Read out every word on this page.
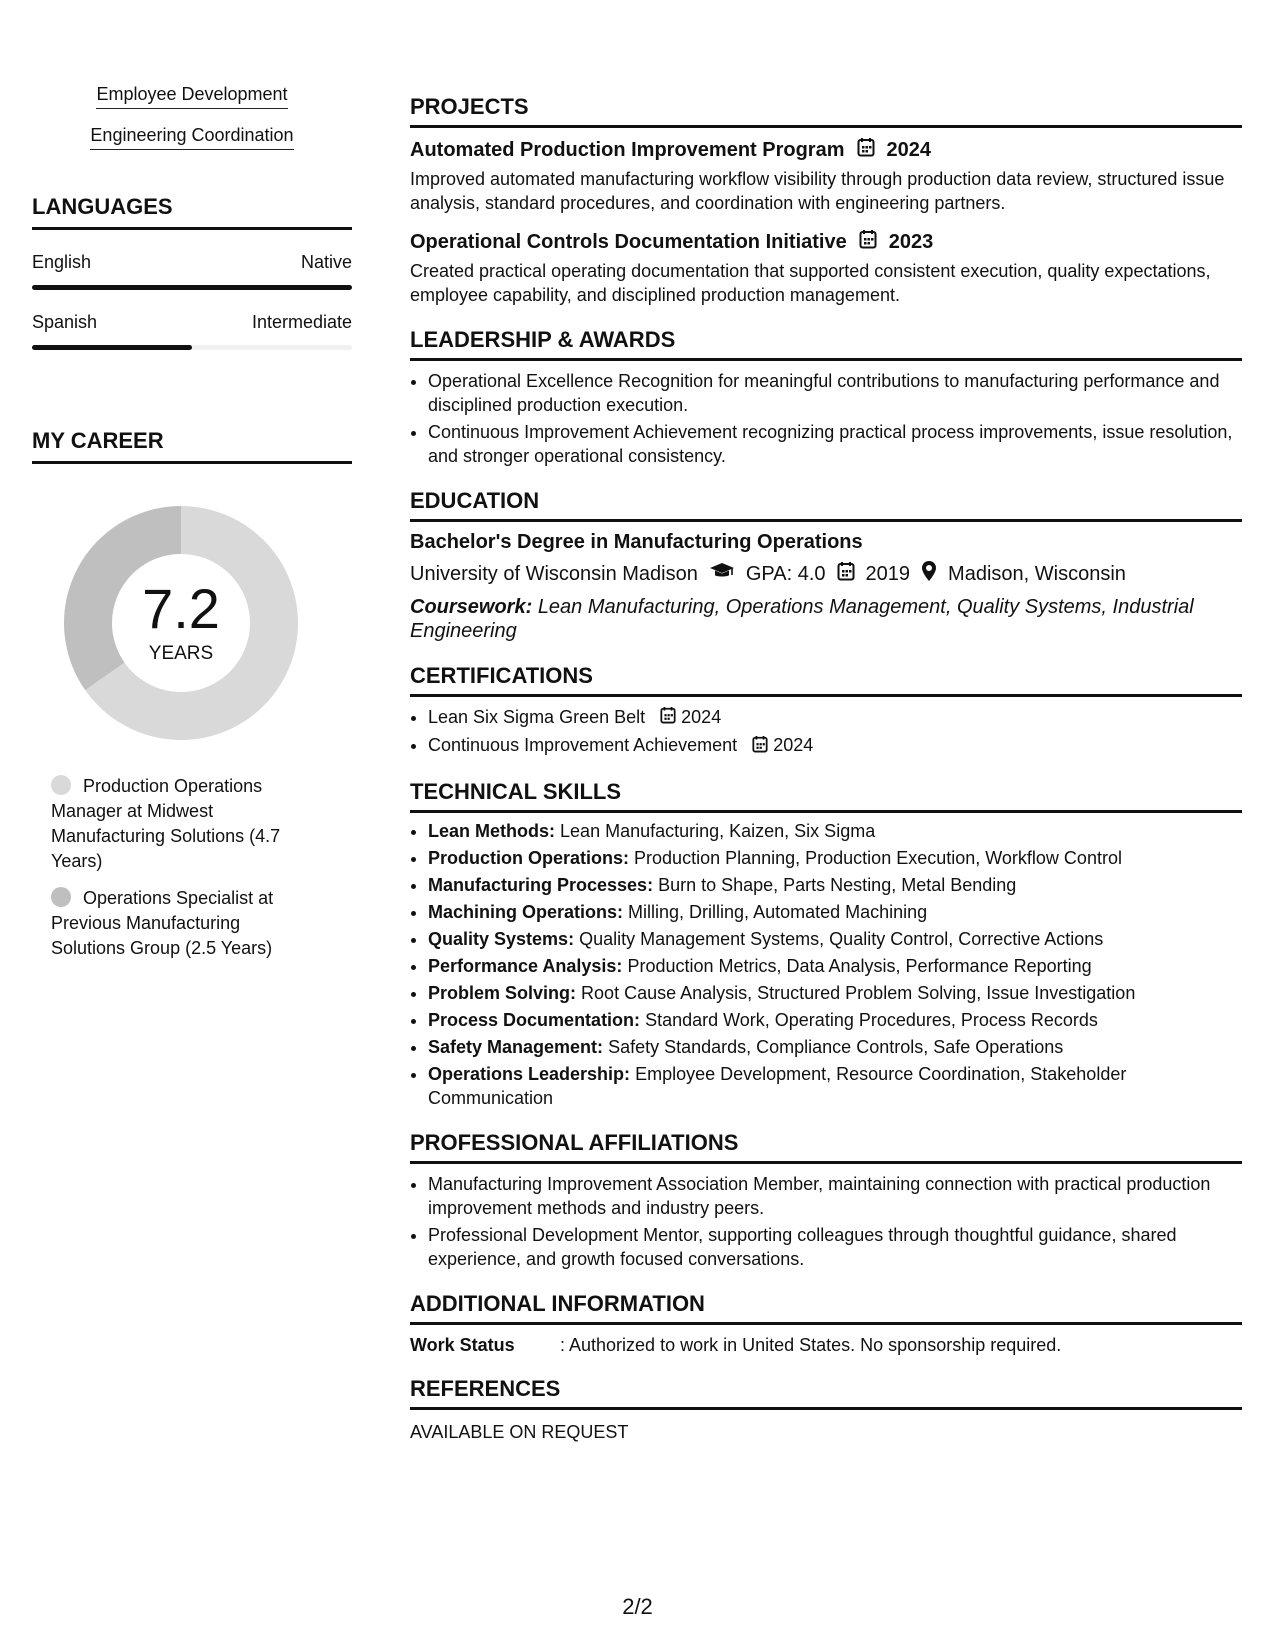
Employee Development
Engineering Coordination
LANGUAGES
English	Native
Spanish	Intermediate
MY CAREER
7.2
YEARS
Production Operations Manager at Midwest Manufacturing Solutions (4.7 Years)
Operations Specialist at Previous Manufacturing Solutions Group (2.5 Years)
PROJECTS
Automated Production Improvement Program 2024
Improved automated manufacturing workflow visibility through production data review, structured issue analysis, standard procedures, and coordination with engineering partners.
Operational Controls Documentation Initiative 2023
Created practical operating documentation that supported consistent execution, quality expectations, employee capability, and disciplined production management.
LEADERSHIP & AWARDS
• Operational Excellence Recognition for meaningful contributions to manufacturing performance and disciplined production execution.
• Continuous Improvement Achievement recognizing practical process improvements, issue resolution, and stronger operational consistency.
EDUCATION
Bachelor's Degree in Manufacturing Operations
University of Wisconsin Madison GPA: 4.0 2019 Madison, Wisconsin
Coursework: Lean Manufacturing, Operations Management, Quality Systems, Industrial Engineering
CERTIFICATIONS
• Lean Six Sigma Green Belt 2024
• Continuous Improvement Achievement 2024
TECHNICAL SKILLS
• Lean Methods: Lean Manufacturing, Kaizen, Six Sigma
• Production Operations: Production Planning, Production Execution, Workflow Control
• Manufacturing Processes: Burn to Shape, Parts Nesting, Metal Bending
• Machining Operations: Milling, Drilling, Automated Machining
• Quality Systems: Quality Management Systems, Quality Control, Corrective Actions
• Performance Analysis: Production Metrics, Data Analysis, Performance Reporting
• Problem Solving: Root Cause Analysis, Structured Problem Solving, Issue Investigation
• Process Documentation: Standard Work, Operating Procedures, Process Records
• Safety Management: Safety Standards, Compliance Controls, Safe Operations
• Operations Leadership: Employee Development, Resource Coordination, Stakeholder Communication
PROFESSIONAL AFFILIATIONS
• Manufacturing Improvement Association Member, maintaining connection with practical production improvement methods and industry peers.
• Professional Development Mentor, supporting colleagues through thoughtful guidance, shared experience, and growth focused conversations.
ADDITIONAL INFORMATION
Work Status	: Authorized to work in United States. No sponsorship required.
REFERENCES
AVAILABLE ON REQUEST
2/2
